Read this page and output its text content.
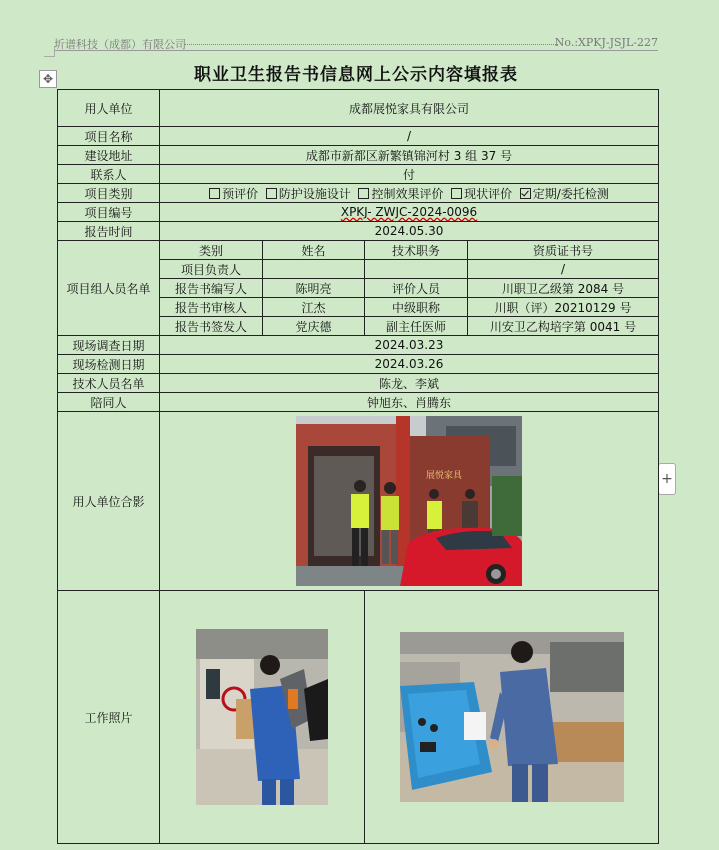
圻谱科技（成都）有限公司	No.:XPKJ-JSJL-227
✥
+
职业卫生报告书信息网上公示内容填报表
用人单位	成都展悦家具有限公司			
项目名称	/			
建设地址	成都市新都区新繁镇锦河村 3 组 37 号			
联系人	付			
项目类别	预评价 防护设施设计 控制效果评价 现状评价 定期/委托检测			
项目编号	XPKJ- ZWJC-2024-0096			
报告时间	2024.05.30			
项目组人员名单	类别	姓名	技术职务	资质证书号
	项目负责人			/
	报告书编写人	陈明亮	评价人员	川职卫乙级第 2084 号
	报告书审核人	江杰	中级职称	川职（评）20210129 号
	报告书签发人	党庆德	副主任医师	川安卫乙构培字第 0041 号
现场调查日期	2024.03.23			
现场检测日期	2024.03.26			
技术人员名单	陈龙、李斌			
陪同人	钟旭东、肖腾东			
用人单位合影	展悦家具			

工作照片		
